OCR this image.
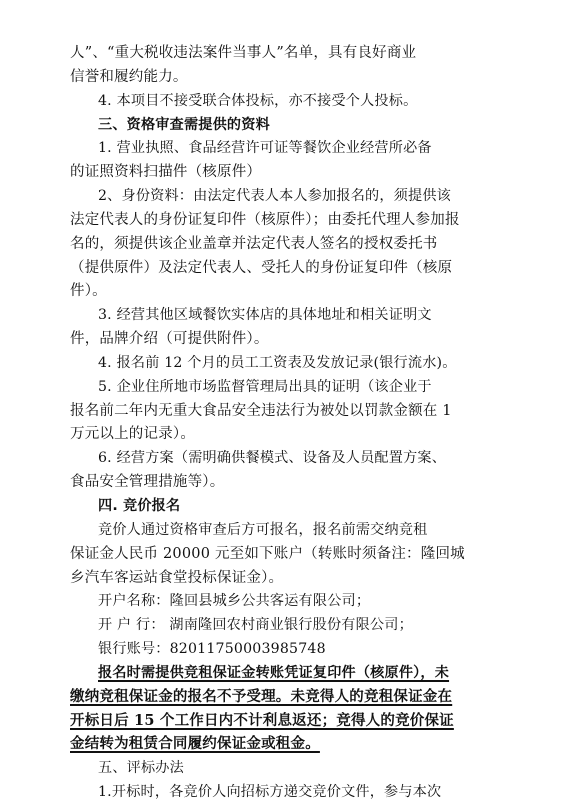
人”、“重大税收违法案件当事人”名单，具有良好商业
信誉和履约能力。
4. 本项目不接受联合体投标，亦不接受个人投标。
三、资格审查需提供的资料
1. 营业执照、食品经营许可证等餐饮企业经营所必备
的证照资料扫描件（核原件）
2、身份资料：由法定代表人本人参加报名的，须提供该
法定代表人的身份证复印件（核原件）；由委托代理人参加报
名的，须提供该企业盖章并法定代表人签名的授权委托书
（提供原件）及法定代表人、受托人的身份证复印件（核原
件）。
3. 经营其他区域餐饮实体店的具体地址和相关证明文
件，品牌介绍（可提供附件）。
4. 报名前 12 个月的员工工资表及发放记录(银行流水)。
5. 企业住所地市场监督管理局出具的证明（该企业于
报名前二年内无重大食品安全违法行为被处以罚款金额在 1
万元以上的记录）。
6. 经营方案（需明确供餐模式、设备及人员配置方案、
食品安全管理措施等）。
四. 竞价报名
竞价人通过资格审查后方可报名，报名前需交纳竞租
保证金人民币 20000 元至如下账户（转账时须备注：隆回城
乡汽车客运站食堂投标保证金）。
开户名称：隆回县城乡公共客运有限公司；
开 户 行： 湖南隆回农村商业银行股份有限公司；
银行账号：82011750003985748
报名时需提供竞租保证金转账凭证复印件（核原件），未
缴纳竞租保证金的报名不予受理。未竞得人的竞租保证金在
开标日后 15 个工作日内不计利息返还；竞得人的竞价保证
金结转为租赁合同履约保证金或租金。
五、评标办法
1.开标时，各竞价人向招标方递交竞价文件，参与本次
